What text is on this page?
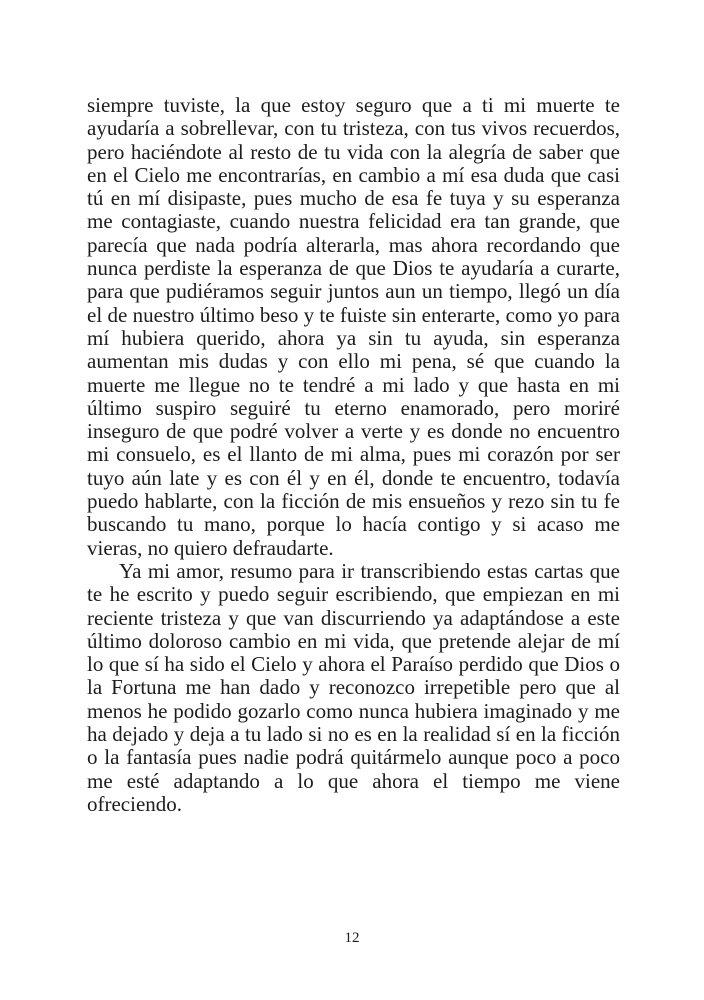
siempre tuviste, la que estoy seguro que a ti mi muerte te ayudaría a sobrellevar, con tu tristeza, con tus vivos recuerdos, pero haciéndote al resto de tu vida con la alegría de saber que en el Cielo me encontrarías, en cambio a mí esa duda que casi tú en mí disipaste, pues mucho de esa fe tuya y su esperanza me contagiaste, cuando nuestra felicidad era tan grande, que parecía que nada podría alterarla, mas ahora recordando que nunca perdiste la esperanza de que Dios te ayudaría a curarte, para que pudiéramos seguir juntos aun un tiempo, llegó un día el de nuestro último beso y te fuiste sin enterarte, como yo para mí hubiera querido, ahora ya sin tu ayuda, sin esperanza aumentan mis dudas y con ello mi pena, sé que cuando la muerte me llegue no te tendré a mi lado y que hasta en mi último suspiro seguiré tu eterno enamorado, pero moriré inseguro de que podré volver a verte y es donde no encuentro mi consuelo, es el llanto de mi alma, pues mi corazón por ser tuyo aún late y es con él y en él, donde te encuentro, todavía puedo hablarte, con la ficción de mis ensueños y rezo sin tu fe buscando tu mano, porque lo hacía contigo y si acaso me vieras, no quiero defraudarte.

Ya mi amor, resumo para ir transcribiendo estas cartas que te he escrito y puedo seguir escribiendo, que empiezan en mi reciente tristeza y que van discurriendo ya adaptándose a este último doloroso cambio en mi vida, que pretende alejar de mí lo que sí ha sido el Cielo y ahora el Paraíso perdido que Dios o la Fortuna me han dado y reconozco irrepetible pero que al menos he podido gozarlo como nunca hubiera imaginado y me ha dejado y deja a tu lado si no es en la realidad sí en la ficción o la fantasía pues nadie podrá quitármelo aunque poco a poco me esté adaptando a lo que ahora el tiempo me viene ofreciendo.

12
